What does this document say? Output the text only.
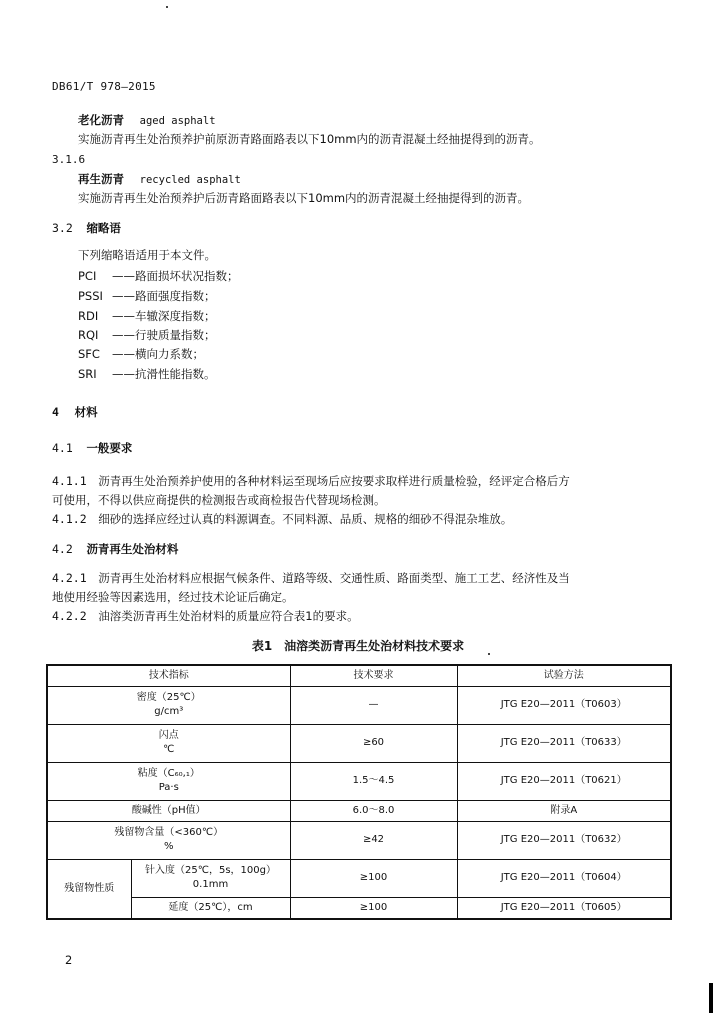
DB61/T 978—2015
老化沥青 aged asphalt
实施沥青再生处治预养护前原沥青路面路表以下10mm内的沥青混凝土经抽提得到的沥青。
3.1.6
再生沥青 recycled asphalt
实施沥青再生处治预养护后沥青路面路表以下10mm内的沥青混凝土经抽提得到的沥青。
3.2 缩略语
下列缩略语适用于本文件。
PCI ——路面损坏状况指数；
PSSI ——路面强度指数；
RDI ——车辙深度指数；
RQI ——行驶质量指数；
SFC ——横向力系数；
SRI ——抗滑性能指数。
4 材料
4.1 一般要求
4.1.1 沥青再生处治预养护使用的各种材料运至现场后应按要求取样进行质量检验，经评定合格后方
可使用，不得以供应商提供的检测报告或商检报告代替现场检测。
4.1.2 细砂的选择应经过认真的料源调查。不同料源、品质、规格的细砂不得混杂堆放。
4.2 沥青再生处治材料
4.2.1 沥青再生处治材料应根据气候条件、道路等级、交通性质、路面类型、施工工艺、经济性及当
地使用经验等因素选用，经过技术论证后确定。
4.2.2 油溶类沥青再生处治材料的质量应符合表1的要求。
表1　油溶类沥青再生处治材料技术要求
技术指标		技术要求	试验方法

密度（25℃）
g/cm³		—	JTG E20—2011（T0603）

闪点
℃		≥60	JTG E20—2011（T0633）

粘度（C₆₀,₁）
Pa·s		1.5～4.5	JTG E20—2011（T0621）
酸碱性（pH值）		6.0～8.0	附录A

残留物含量（<360℃）
%		≥42	JTG E20—2011（T0632）
残留物性质	针入度（25℃，5s，100g）
0.1mm	≥100	JTG E20—2011（T0604）
	延度（25℃），cm	≥100	JTG E20—2011（T0605）
2
